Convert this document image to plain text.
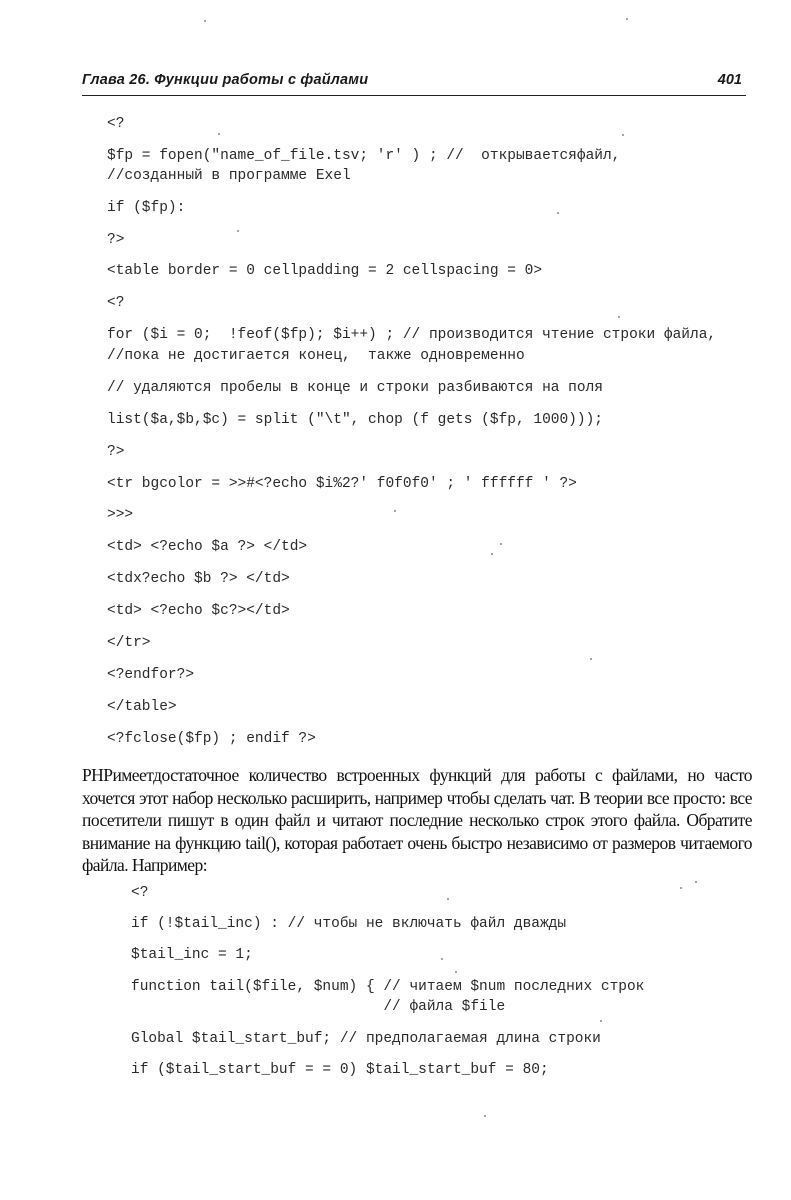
Глава 26. Функции работы с файлами	401
<?
$fp = fopen("name_of_file.tsv; 'r' ) ; //  открываетсяфайл,
//созданный в программе Exel
if ($fp):
?>
<table border = 0 cellpadding = 2 cellspacing = 0>
<?
for ($i = 0;  !feof($fp); $i++) ; // производится чтение строки файла,
//пока не достигается конец,  также одновременно
// удаляются пробелы в конце и строки разбиваются на поля
list($a,$b,$c) = split ("\t", chop (f gets ($fp, 1000)));
?>
<tr bgcolor = >>#<?echo $i%2?' f0f0f0' ; ' ffffff ' ?>
>>>
<td> <?echo $a ?> </td>
<tdx?echo $b ?> </td>
<td> <?echo $c?></td>
</tr>
<?endfor?>
</table>
<?fclose($fp) ; endif ?>
PHPимеетдостаточное количество встроенных функций для работы с файлами, но часто хочется этот набор несколько расширить, например чтобы сделать чат. В теории все просто: все посетители пишут в один файл и читают последние несколько строк этого файла. Обратите внимание на функцию tail(), которая работает очень быстро независимо от размеров читаемого файла. Например:
<?
if (!$tail_inc) : // чтобы не включать файл дважды
$tail_inc = 1;
function tail($file, $num) { // читаем $num последних строк
// файла $file
Global $tail_start_buf; // предполагаемая длина строки
if ($tail_start_buf = = 0) $tail_start_buf = 80;
